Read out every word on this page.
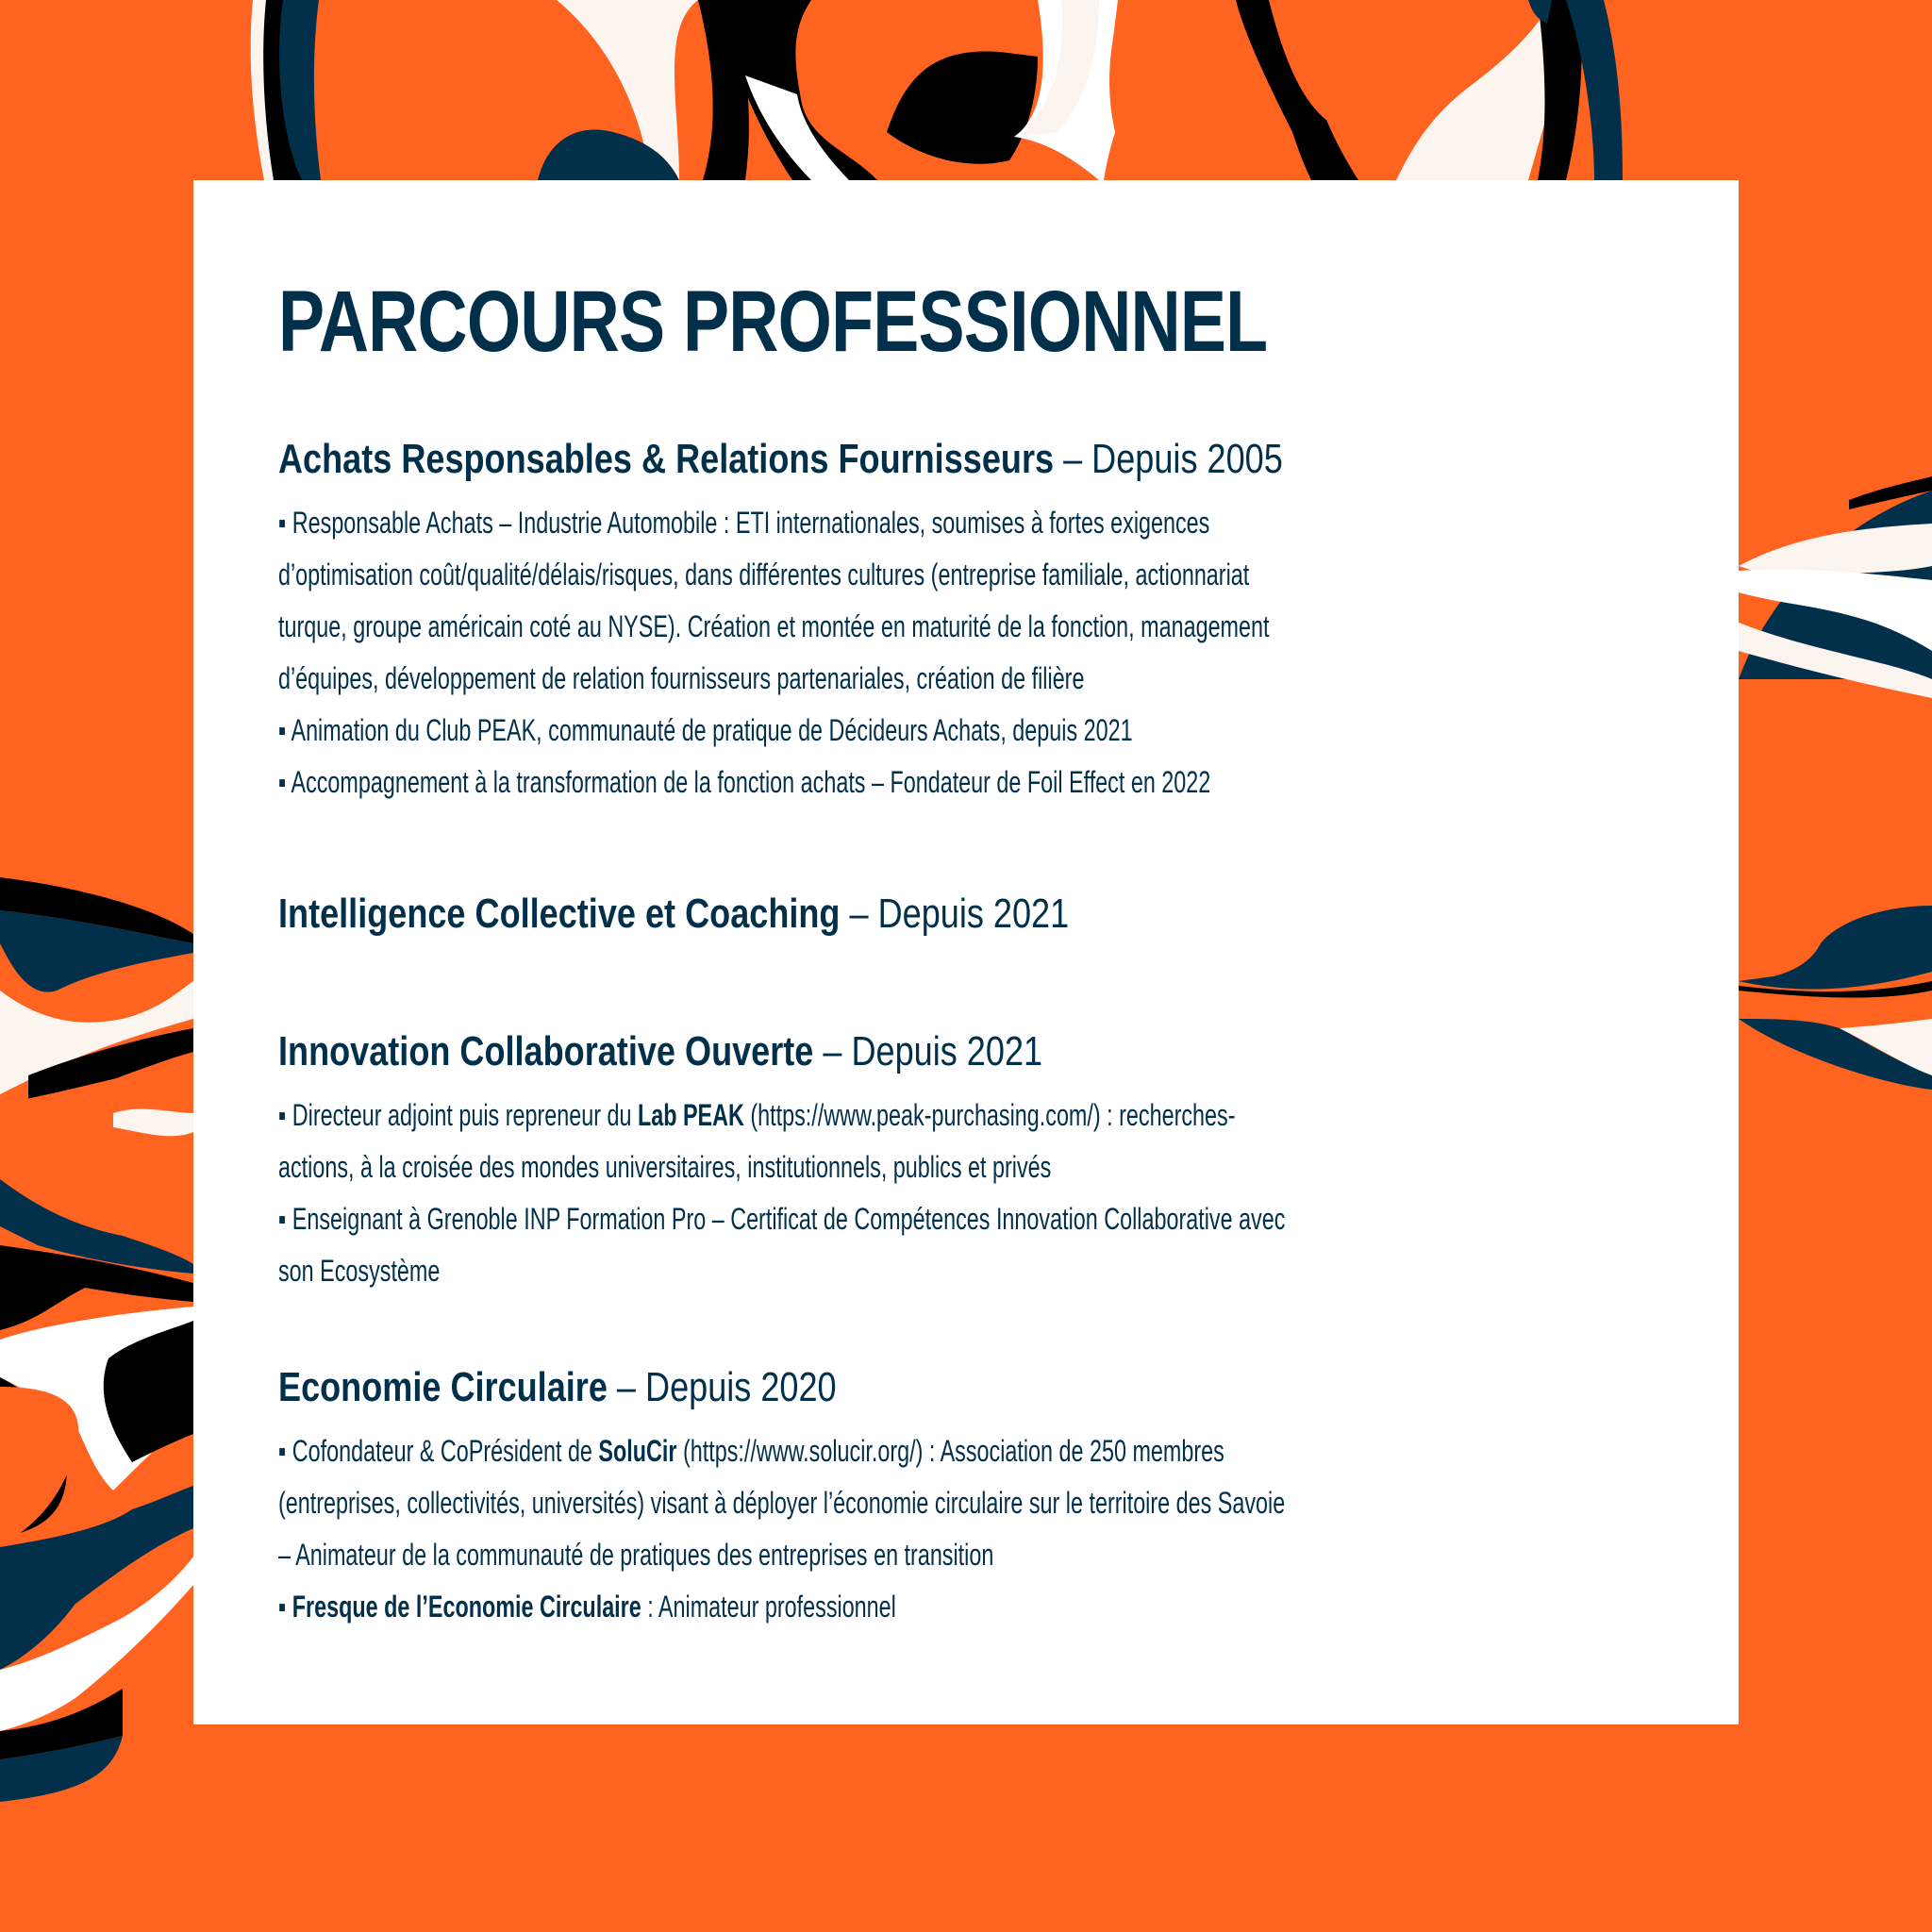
PARCOURS PROFESSIONNEL
Achats Responsables & Relations Fournisseurs – Depuis 2005
▪ Responsable Achats – Industrie Automobile : ETI internationales, soumises à fortes exigences
d’optimisation coût/qualité/délais/risques, dans différentes cultures (entreprise familiale, actionnariat
turque, groupe américain coté au NYSE). Création et montée en maturité de la fonction, management
d’équipes, développement de relation fournisseurs partenariales, création de filière
▪ Animation du Club PEAK, communauté de pratique de Décideurs Achats, depuis 2021
▪ Accompagnement à la transformation de la fonction achats – Fondateur de Foil Effect en 2022
Intelligence Collective et Coaching – Depuis 2021
Innovation Collaborative Ouverte – Depuis 2021
▪ Directeur adjoint puis repreneur du Lab PEAK (https://www.peak-purchasing.com/) : recherches-
actions, à la croisée des mondes universitaires, institutionnels, publics et privés
▪ Enseignant à Grenoble INP Formation Pro – Certificat de Compétences Innovation Collaborative avec
son Ecosystème
Economie Circulaire – Depuis 2020
▪ Cofondateur & CoPrésident de SoluCir (https://www.solucir.org/) : Association de 250 membres
(entreprises, collectivités, universités) visant à déployer l’économie circulaire sur le territoire des Savoie
– Animateur de la communauté de pratiques des entreprises en transition
▪ Fresque de l’Economie Circulaire : Animateur professionnel
